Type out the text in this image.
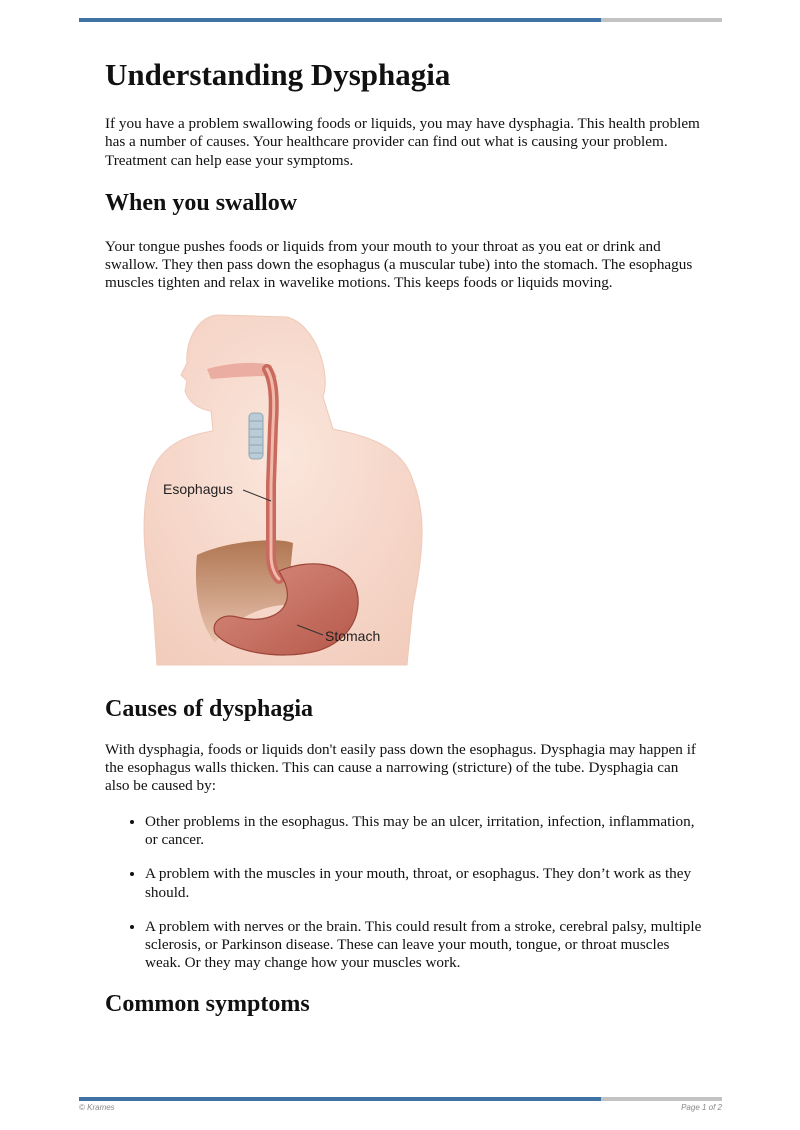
Understanding Dysphagia

If you have a problem swallowing foods or liquids, you may have dysphagia. This health problem has a number of causes. Your healthcare provider can find out what is causing your problem. Treatment can help ease your symptoms.

When you swallow

Your tongue pushes foods or liquids from your mouth to your throat as you eat or drink and swallow. They then pass down the esophagus (a muscular tube) into the stomach. The esophagus muscles tighten and relax in wavelike motions. This keeps foods or liquids moving.

Esophagus
Stomach
Causes of dysphagia

With dysphagia, foods or liquids don't easily pass down the esophagus. Dysphagia may happen if the esophagus walls thicken. This can cause a narrowing (stricture) of the tube. Dysphagia can also be caused by:

• Other problems in the esophagus. This may be an ulcer, irritation, infection, inflammation, or cancer.
• A problem with the muscles in your mouth, throat, or esophagus. They don’t work as they should.
• A problem with nerves or the brain. This could result from a stroke, cerebral palsy, multiple sclerosis, or Parkinson disease. These can leave your mouth, tongue, or throat muscles weak. Or they may change how your muscles work.
Common symptoms
© Krames	Page 1 of 2
